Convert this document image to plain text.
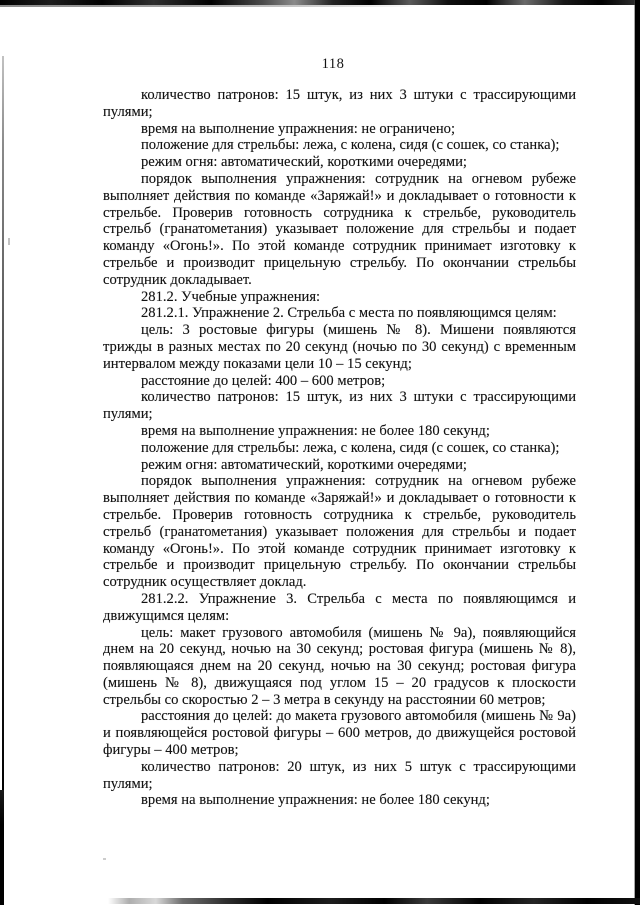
118

количество патронов: 15 штук, из них 3 штуки с трассирующими пулями;

время на выполнение упражнения: не ограничено;

положение для стрельбы: лежа, с колена, сидя (с сошек, со станка);

режим огня: автоматический, короткими очередями;

порядок выполнения упражнения: сотрудник на огневом рубеже выполняет действия по команде «Заряжай!» и докладывает о готовности к стрельбе. Проверив готовность сотрудника к стрельбе, руководитель стрельб (гранатометания) указывает положение для стрельбы и подает команду «Огонь!». По этой команде сотрудник принимает изготовку к стрельбе и производит прицельную стрельбу. По окончании стрельбы сотрудник докладывает.

281.2. Учебные упражнения:

281.2.1. Упражнение 2. Стрельба с места по появляющимся целям:

цель: 3 ростовые фигуры (мишень № 8). Мишени появляются трижды в разных местах по 20 секунд (ночью по 30 секунд) с временным интервалом между показами цели 10 – 15 секунд;

расстояние до целей: 400 – 600 метров;

количество патронов: 15 штук, из них 3 штуки с трассирующими пулями;

время на выполнение упражнения: не более 180 секунд;

положение для стрельбы: лежа, с колена, сидя (с сошек, со станка);

режим огня: автоматический, короткими очередями;

порядок выполнения упражнения: сотрудник на огневом рубеже выполняет действия по команде «Заряжай!» и докладывает о готовности к стрельбе. Проверив готовность сотрудника к стрельбе, руководитель стрельб (гранатометания) указывает положения для стрельбы и подает команду «Огонь!». По этой команде сотрудник принимает изготовку к стрельбе и производит прицельную стрельбу. По окончании стрельбы сотрудник осуществляет доклад.

281.2.2. Упражнение 3. Стрельба с места по появляющимся и движущимся целям:

цель: макет грузового автомобиля (мишень № 9а), появляющийся днем на 20 секунд, ночью на 30 секунд; ростовая фигура (мишень № 8), появляющаяся днем на 20 секунд, ночью на 30 секунд; ростовая фигура (мишень № 8), движущаяся под углом 15 – 20 градусов к плоскости стрельбы со скоростью 2 – 3 метра в секунду на расстоянии 60 метров;

расстояния до целей: до макета грузового автомобиля (мишень № 9а) и появляющейся ростовой фигуры – 600 метров, до движущейся ростовой фигуры – 400 метров;

количество патронов: 20 штук, из них 5 штук с трассирующими пулями;

время на выполнение упражнения: не более 180 секунд;
